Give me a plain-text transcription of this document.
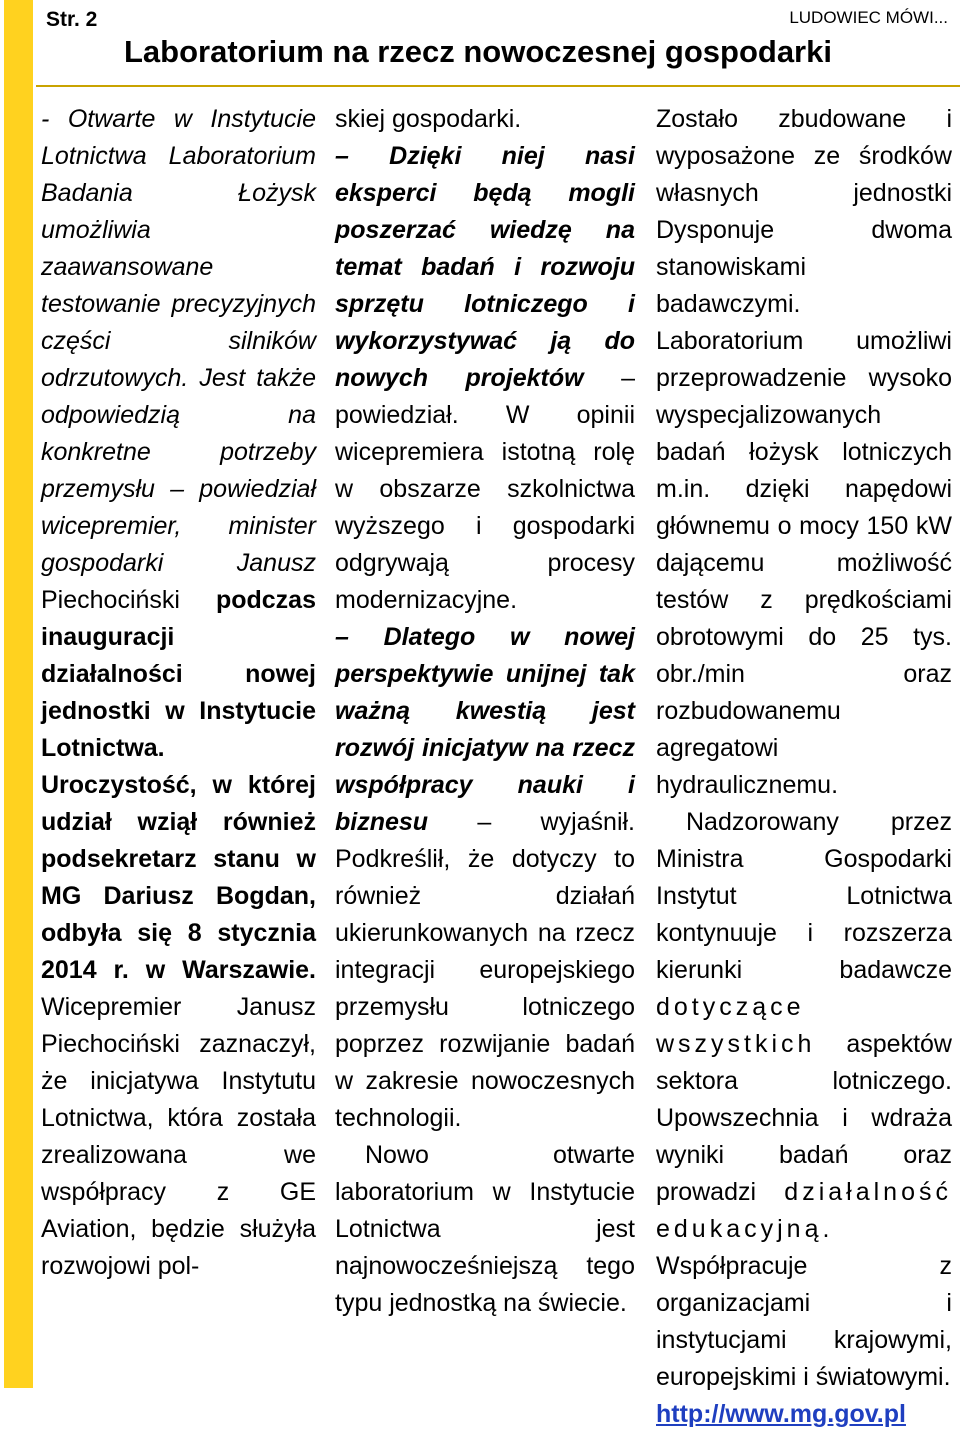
Str. 2	LUDOWIEC MÓWI...
Laboratorium na rzecz nowoczesnej gospodarki

- Otwarte w Instytucie Lotnictwa Laboratorium Badania Łożysk umożliwia zaawansowane testowanie precyzyjnych części silników odrzutowych. Jest także odpowiedzią na konkretne potrzeby przemysłu – powiedział wicepremier, minister gospodarki Janusz Piechociński podczas inauguracji działalności nowej jednostki w Instytucie Lotnictwa. Uroczystość, w której udział wziął również podsekretarz stanu w MG Dariusz Bogdan, odbyła się 8 stycznia 2014 r. w Warszawie. Wicepremier Janusz Piechociński zaznaczył, że inicjatywa Instytutu Lotnictwa, która została zrealizowana we współpracy z GE Aviation, będzie służyła rozwojowi pol-

skiej gospodarki.
– Dzięki niej nasi eksperci będą mogli poszerzać wiedzę na temat badań i rozwoju sprzętu lotniczego i wykorzystywać ją do nowych projektów – powiedział. W opinii wicepremiera istotną rolę w obszarze szkolnictwa wyższego i gospodarki odgrywają procesy modernizacyjne.

– Dlatego w nowej perspektywie unijnej tak ważną kwestią jest rozwój inicjatyw na rzecz współpracy nauki i biznesu – wyjaśnił. Podkreślił, że dotyczy to również działań ukierunkowanych na rzecz integracji europejskiego przemysłu lotniczego poprzez rozwijanie badań w zakresie nowoczesnych technologii.

Nowo otwarte laboratorium w Instytucie Lotnictwa jest najnowocześniejszą tego typu jednostką na świecie.

Zostało zbudowane i wyposażone ze środków własnych jednostki Dysponuje dwoma stanowiskami badawczymi. Laboratorium umożliwi przeprowadzenie wysoko wyspecjalizowanych badań łożysk lotniczych m.in. dzięki napędowi głównemu o mocy 150 kW dającemu możliwość testów z prędkościami obrotowymi do 25 tys. obr./min oraz rozbudowanemu agregatowi hydraulicznemu.

Nadzorowany przez Ministra Gospodarki Instytut Lotnictwa kontynuuje i rozszerza kierunki badawcze dotyczące wszystkich aspektów sektora lotniczego. Upowszechnia i wdraża wyniki badań oraz prowadzi działalność edukacyjną. Współpracuje z organizacjami i instytucjami krajowymi, europejskimi i światowymi.

http://www.mg.gov.pl
